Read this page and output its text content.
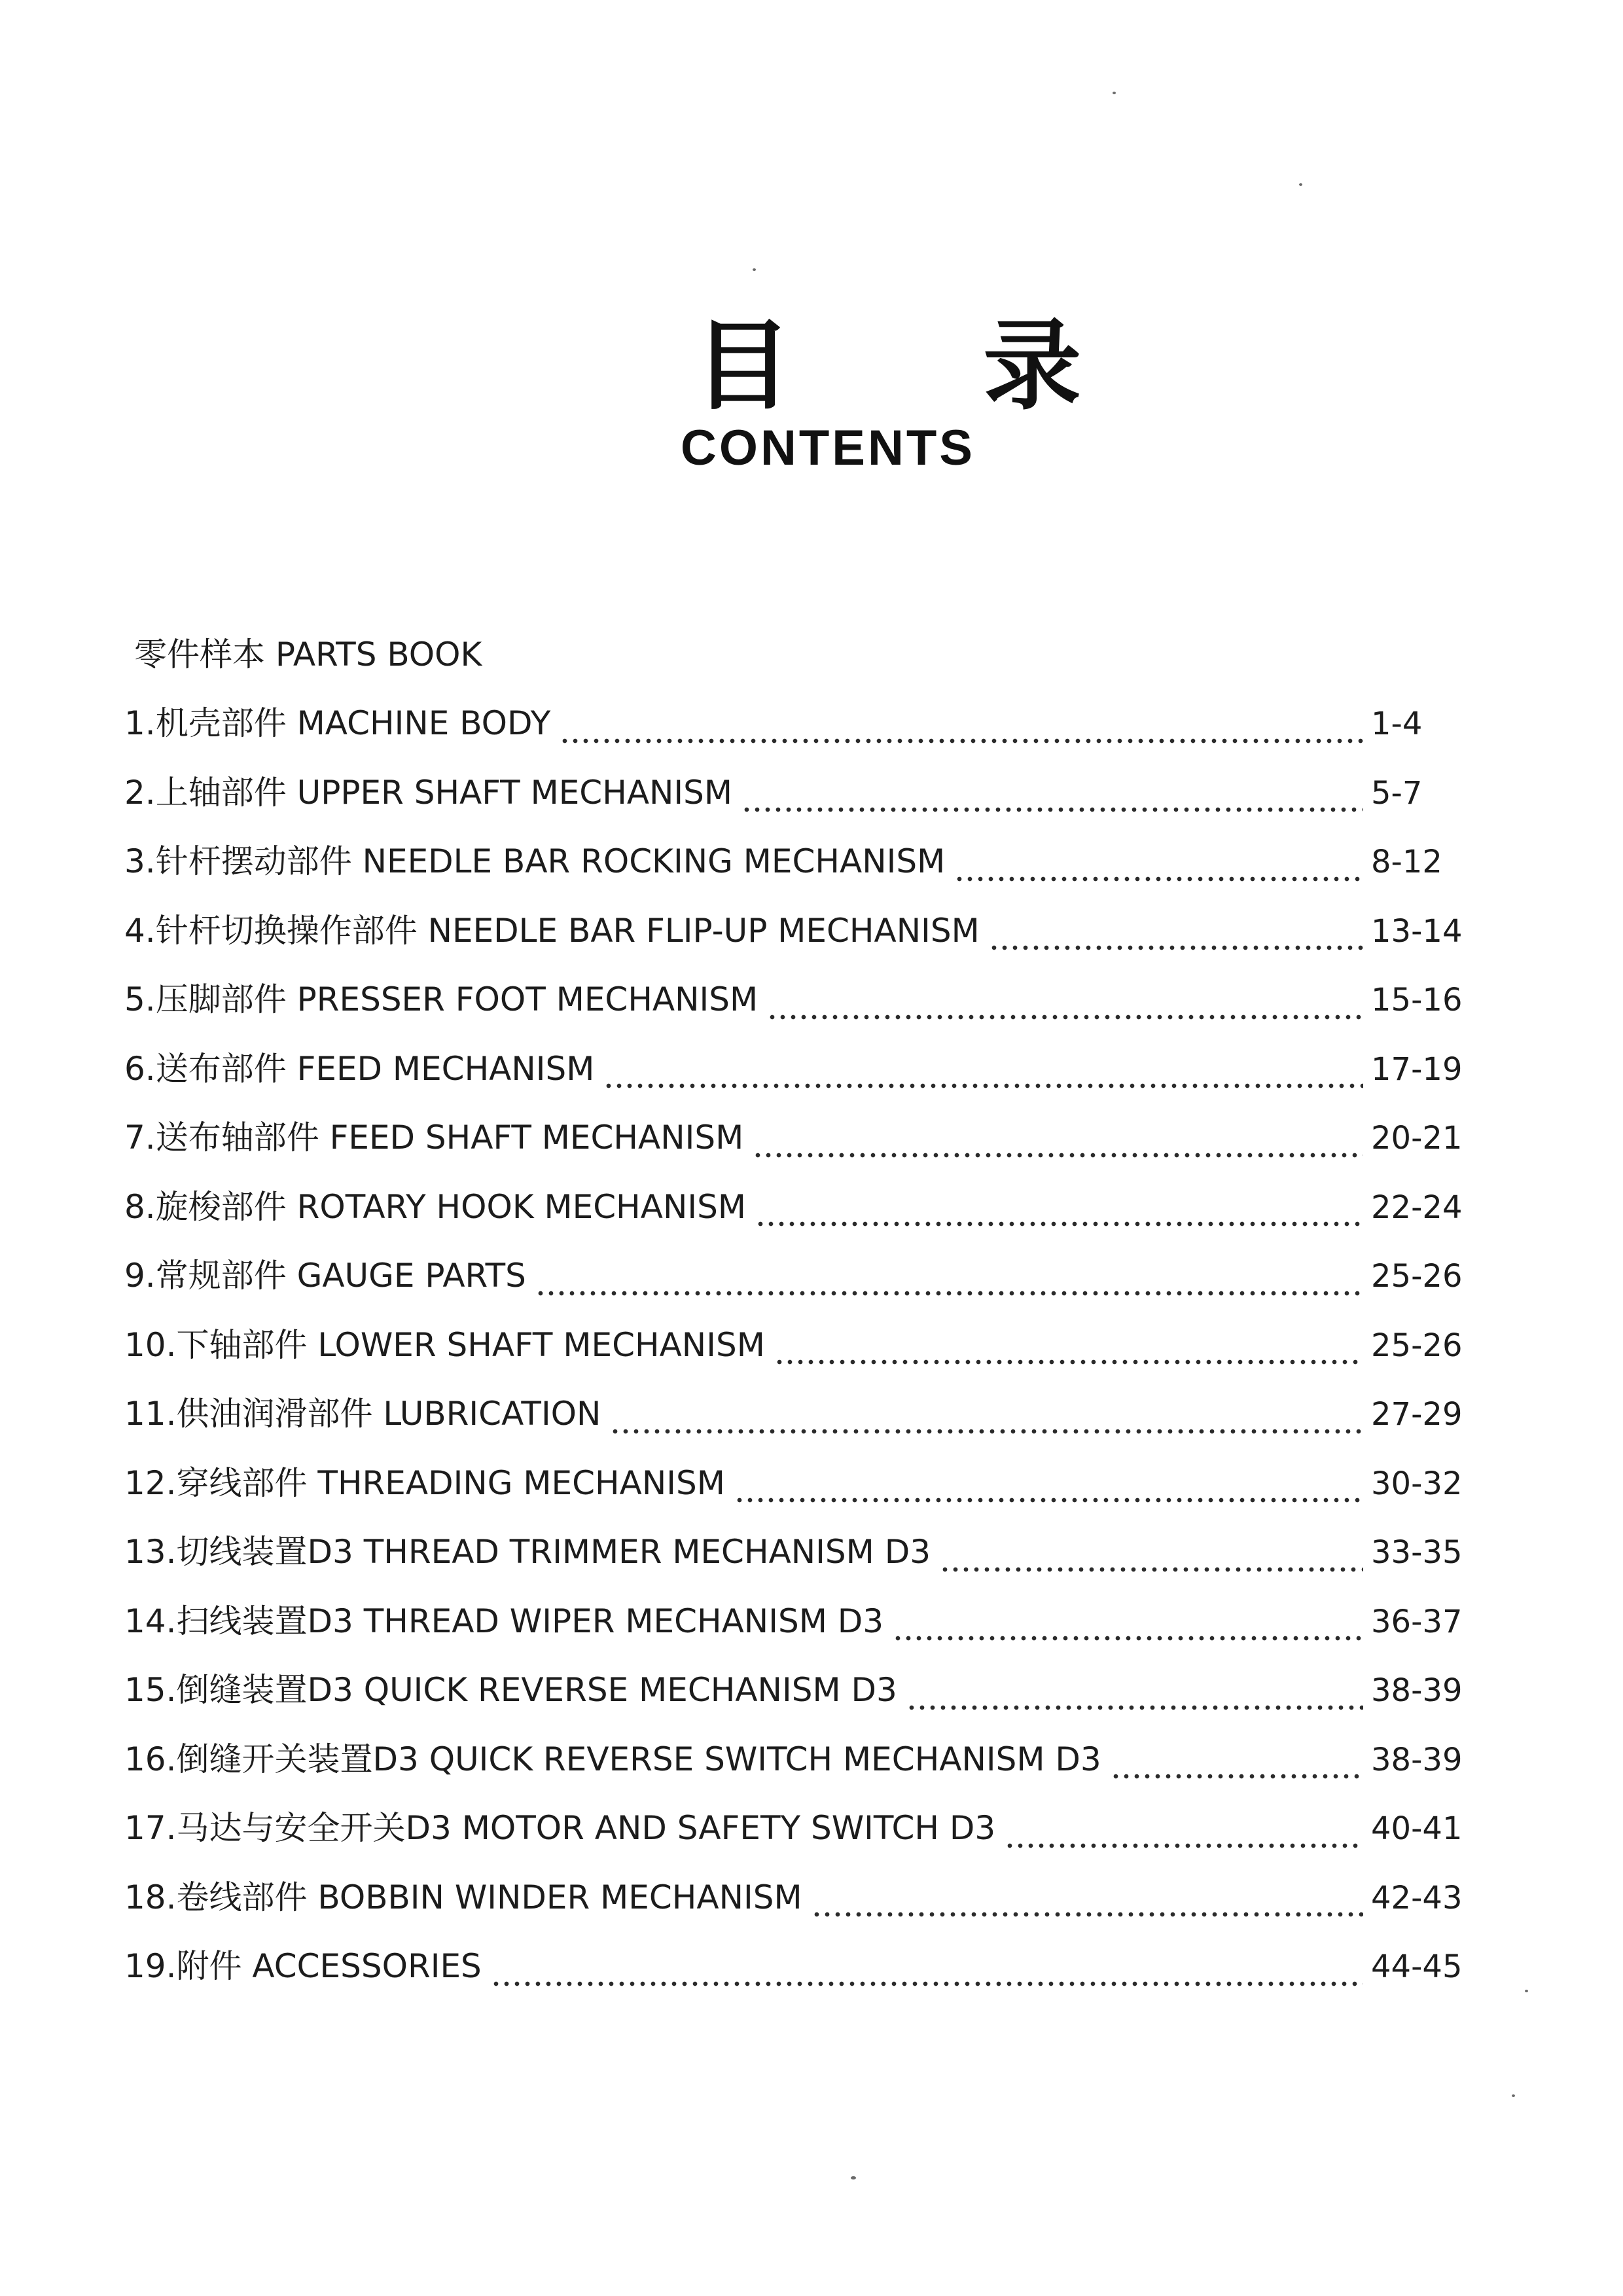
目 录
CONTENTS
零件样本 PARTS BOOK
1.机壳部件 MACHINE BODY	1-4
2.上轴部件 UPPER SHAFT MECHANISM	5-7
3.针杆摆动部件 NEEDLE BAR ROCKING MECHANISM	8-12
4.针杆切换操作部件 NEEDLE BAR FLIP-UP MECHANISM	13-14
5.压脚部件 PRESSER FOOT MECHANISM	15-16
6.送布部件 FEED MECHANISM	17-19
7.送布轴部件 FEED SHAFT MECHANISM	20-21
8.旋梭部件 ROTARY HOOK MECHANISM	22-24
9.常规部件 GAUGE PARTS	25-26
10.下轴部件 LOWER SHAFT MECHANISM	25-26
11.供油润滑部件 LUBRICATION	27-29
12.穿线部件 THREADING MECHANISM	30-32
13.切线装置D3 THREAD TRIMMER MECHANISM D3	33-35
14.扫线装置D3 THREAD WIPER MECHANISM D3	36-37
15.倒缝装置D3 QUICK REVERSE MECHANISM D3	38-39
16.倒缝开关装置D3 QUICK REVERSE SWITCH MECHANISM D3	38-39
17.马达与安全开关D3 MOTOR AND SAFETY SWITCH D3	40-41
18.卷线部件 BOBBIN WINDER MECHANISM	42-43
19.附件 ACCESSORIES	44-45
